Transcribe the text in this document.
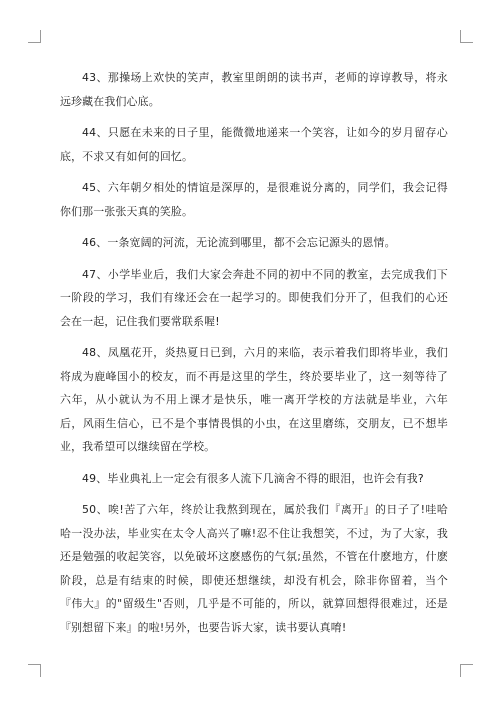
43、那操场上欢快的笑声，教室里朗朗的读书声，老师的谆谆教导，将永远珍藏在我们心底。

44、只愿在未来的日子里，能微微地递来一个笑容，让如今的岁月留存心底，不求又有如何的回忆。

45、六年朝夕相处的情谊是深厚的，是很难说分离的，同学们，我会记得你们那一张张天真的笑脸。

46、一条宽阔的河流，无论流到哪里，都不会忘记源头的恩情。

47、小学毕业后，我们大家会奔赴不同的初中不同的教室，去完成我们下一阶段的学习，我们有缘还会在一起学习的。即使我们分开了，但我们的心还会在一起，记住我们要常联系喔!

48、凤凰花开，炎热夏日已到，六月的来临，表示着我们即将毕业，我们将成为鹿峰国小的校友，而不再是这里的学生，终於要毕业了，这一刻等待了六年，从小就认为不用上课才是快乐，唯一离开学校的方法就是毕业，六年后，风雨生信心，已不是个事情畏惧的小虫，在这里磨练，交朋友，已不想毕业，我希望可以继续留在学校。

49、毕业典礼上一定会有很多人流下几滴舍不得的眼泪，也许会有我?

50、唉!苦了六年，终於让我熬到现在，属於我们『离开』的日子了!哇哈哈一没办法，毕业实在太令人高兴了嘛!忍不住让我想笑，不过，为了大家，我还是勉强的收起笑容，以免破坏这麽感伤的气氛;虽然，不管在什麽地方，什麽阶段，总是有结束的时候，即使还想继续，却没有机会，除非你留着，当个『伟大』的"留级生"否则，几乎是不可能的，所以，就算回想得很难过，还是『别想留下来』的啦!另外，也要告诉大家，读书要认真唷!
